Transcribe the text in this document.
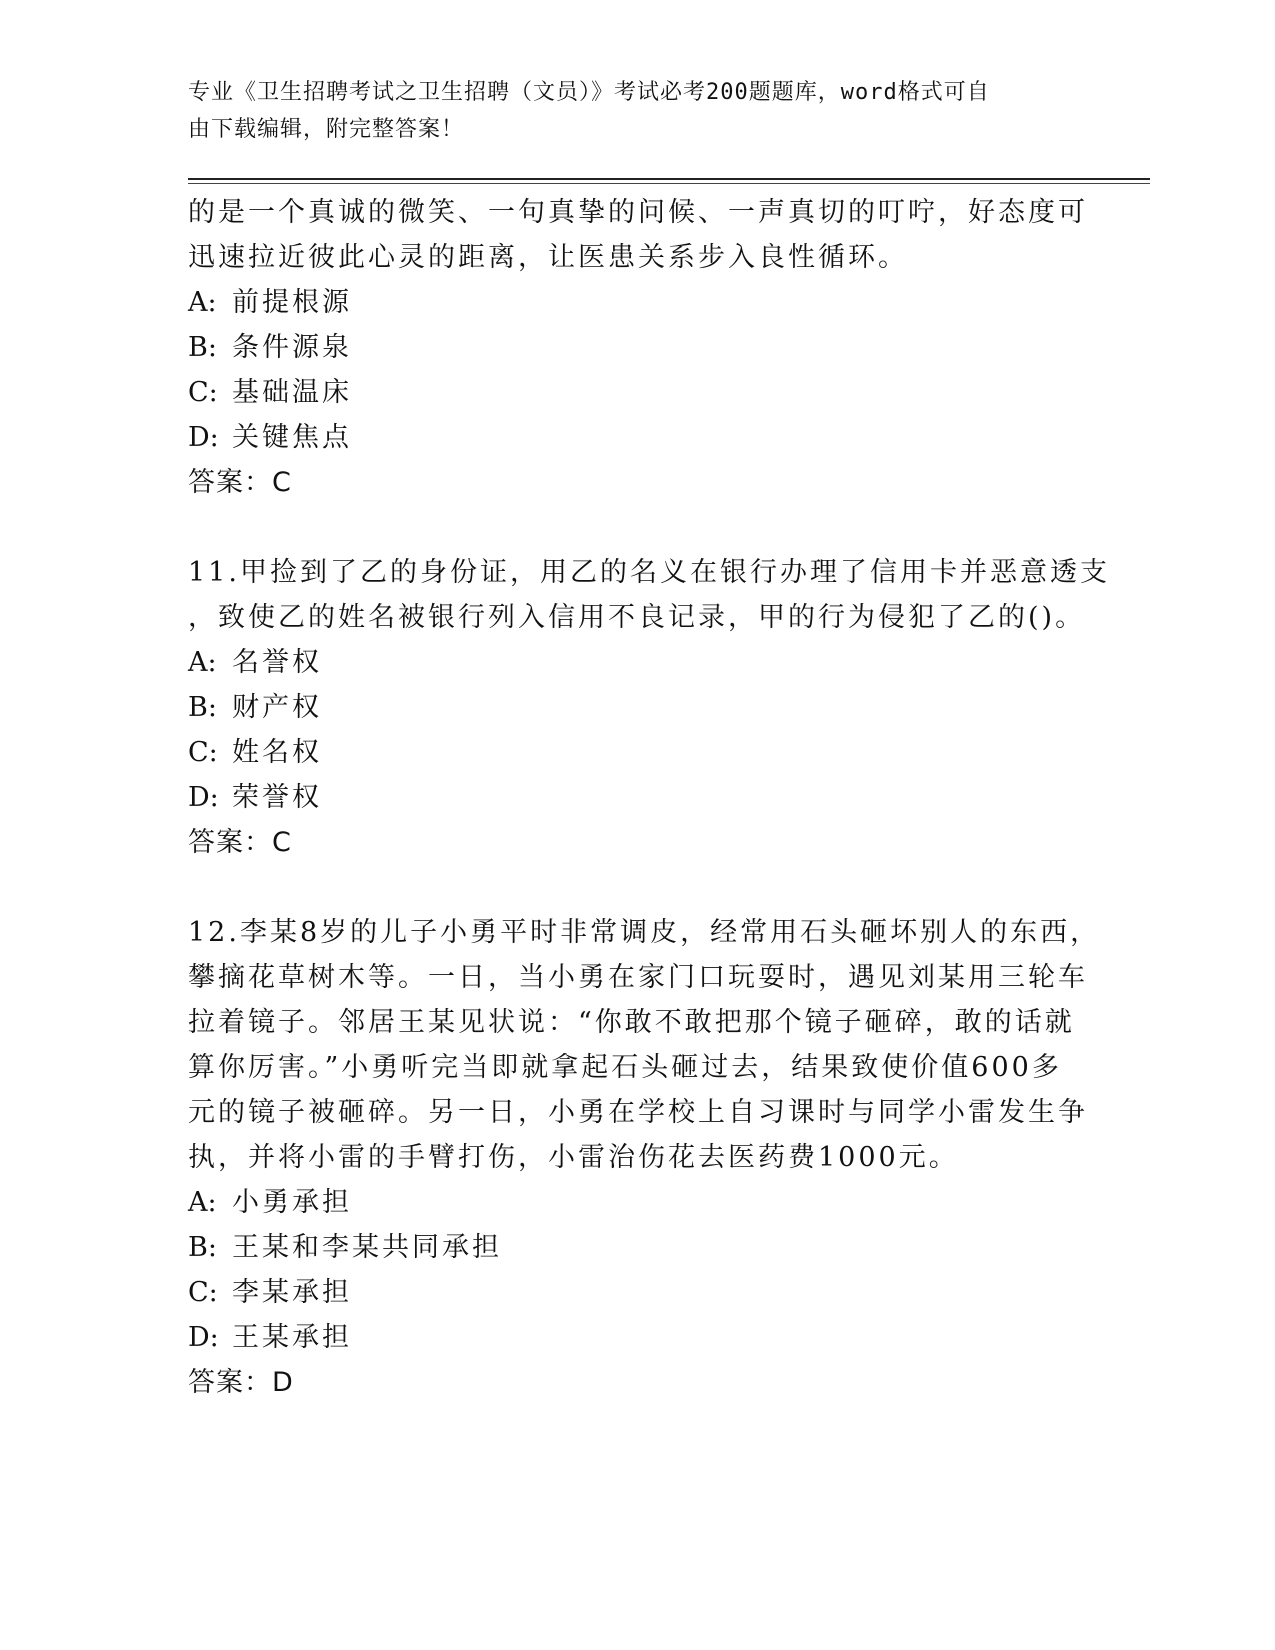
专业《卫生招聘考试之卫生招聘（文员）》考试必考200题题库，word格式可自
由下载编辑，附完整答案！
的是一个真诚的微笑、一句真挚的问候、一声真切的叮咛，好态度可
迅速拉近彼此心灵的距离，让医患关系步入良性循环。
A: 前提根源
B: 条件源泉
C: 基础温床
D: 关键焦点
答案：C
11.甲捡到了乙的身份证，用乙的名义在银行办理了信用卡并恶意透支
，致使乙的姓名被银行列入信用不良记录，甲的行为侵犯了乙的()。
A: 名誉权
B: 财产权
C: 姓名权
D: 荣誉权
答案：C
12.李某8岁的儿子小勇平时非常调皮，经常用石头砸坏别人的东西，
攀摘花草树木等。一日，当小勇在家门口玩耍时，遇见刘某用三轮车
拉着镜子。邻居王某见状说：“你敢不敢把那个镜子砸碎，敢的话就
算你厉害。”小勇听完当即就拿起石头砸过去，结果致使价值600多
元的镜子被砸碎。另一日，小勇在学校上自习课时与同学小雷发生争
执，并将小雷的手臂打伤，小雷治伤花去医药费1000元。
A: 小勇承担
B: 王某和李某共同承担
C: 李某承担
D: 王某承担
答案：D
